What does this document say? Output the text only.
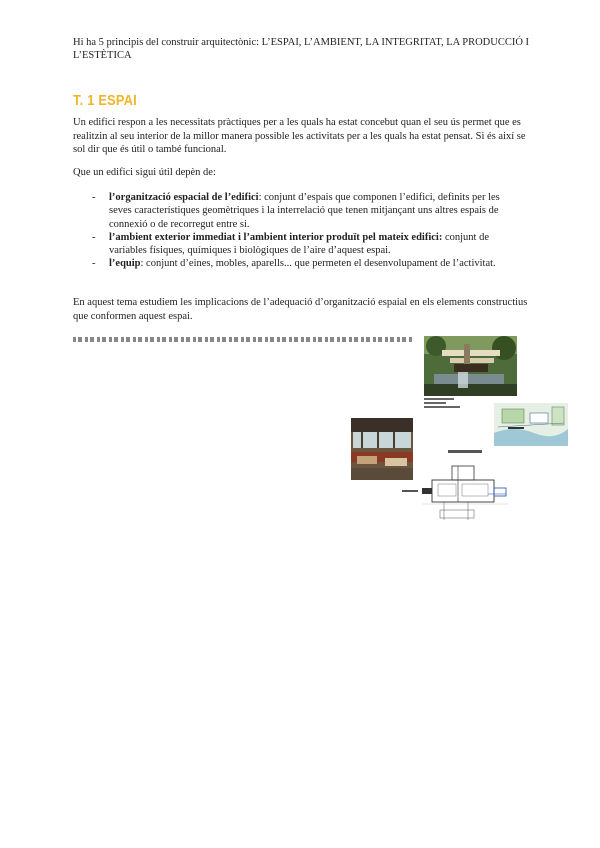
Hi ha 5 principis del construir arquitectònic: L’ESPAI, L’AMBIENT, LA INTEGRITAT, LA PRODUCCIÓ I L’ESTÈTICA
T. 1 ESPAI
Un edifici respon a les necessitats pràctiques per a les quals ha estat concebut quan el seu ús permet que es realitzin al seu interior de la millor manera possible les activitats per a les quals ha estat pensat. Si és així se sol dir que és útil o també funcional.
Que un edifici sigui útil depèn de:
- l’organització espacial de l’edifici: conjunt d’espais que componen l’edifici, definits per les seves característiques geomètriques i la interrelació que tenen mitjançant uns altres espais de connexió o de recorregut entre si.
- l’ambient exterior immediat i l’ambient interior produït pel mateix edifici: conjunt de variables físiques, químiques i biològiques de l’aire d’aquest espai.
- l’equip: conjunt d’eines, mobles, aparells... que permeten el desenvolupament de l’activitat.
En aquest tema estudiem les implicacions de l’adequació d’organització espaial en els elements constructius que conformen aquest espai.
